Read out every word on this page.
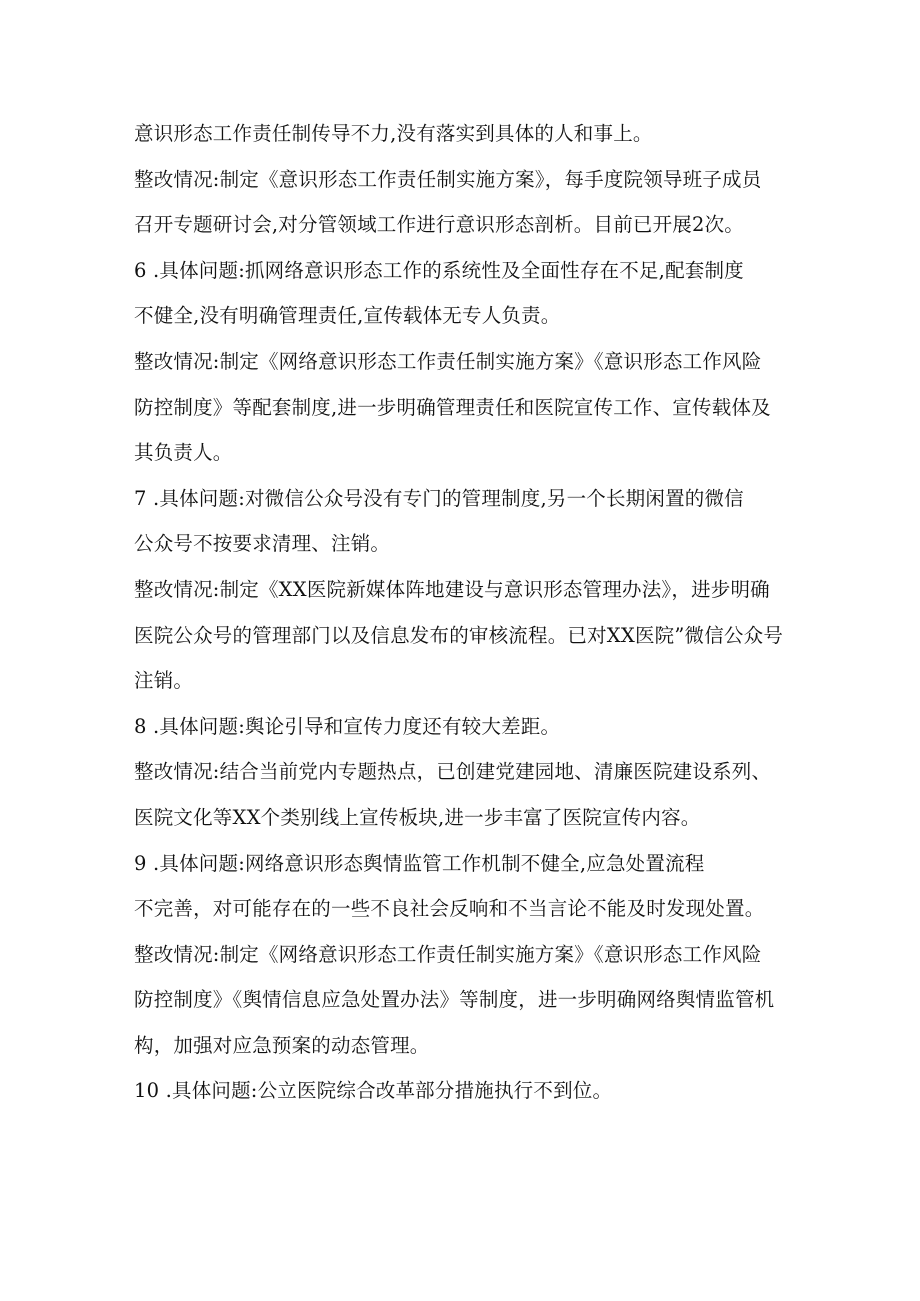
意识形态工作责任制传导不力,没有落实到具体的人和事上。
整改情况:制定《意识形态工作责任制实施方案》，每手度院领导班子成员
召开专题研讨会,对分管领域工作进行意识形态剖析。目前已开展2次。
6 .具体问题:抓网络意识形态工作的系统性及全面性存在不足,配套制度
不健全,没有明确管理责任,宣传载体无专人负责。
整改情况:制定《网络意识形态工作责任制实施方案》《意识形态工作风险
防控制度》等配套制度,进一步明确管理责任和医院宣传工作、宣传载体及
其负责人。
7 .具体问题:对微信公众号没有专门的管理制度,另一个长期闲置的微信
公众号不按要求清理、注销。
整改情况:制定《XX医院新媒体阵地建设与意识形态管理办法》，进步明确
医院公众号的管理部门以及信息发布的审核流程。已对XX医院”微信公众号
注销。
8 .具体问题:舆论引导和宣传力度还有较大差距。
整改情况:结合当前党内专题热点，已创建党建园地、清廉医院建设系列、
医院文化等XX个类别线上宣传板块,进一步丰富了医院宣传内容。
9 .具体问题:网络意识形态舆情监管工作机制不健全,应急处置流程
不完善，对可能存在的一些不良社会反响和不当言论不能及时发现处置。
整改情况:制定《网络意识形态工作责任制实施方案》《意识形态工作风险
防控制度》《舆情信息应急处置办法》等制度，进一步明确网络舆情监管机
构，加强对应急预案的动态管理。
10 .具体问题:公立医院综合改革部分措施执行不到位。
